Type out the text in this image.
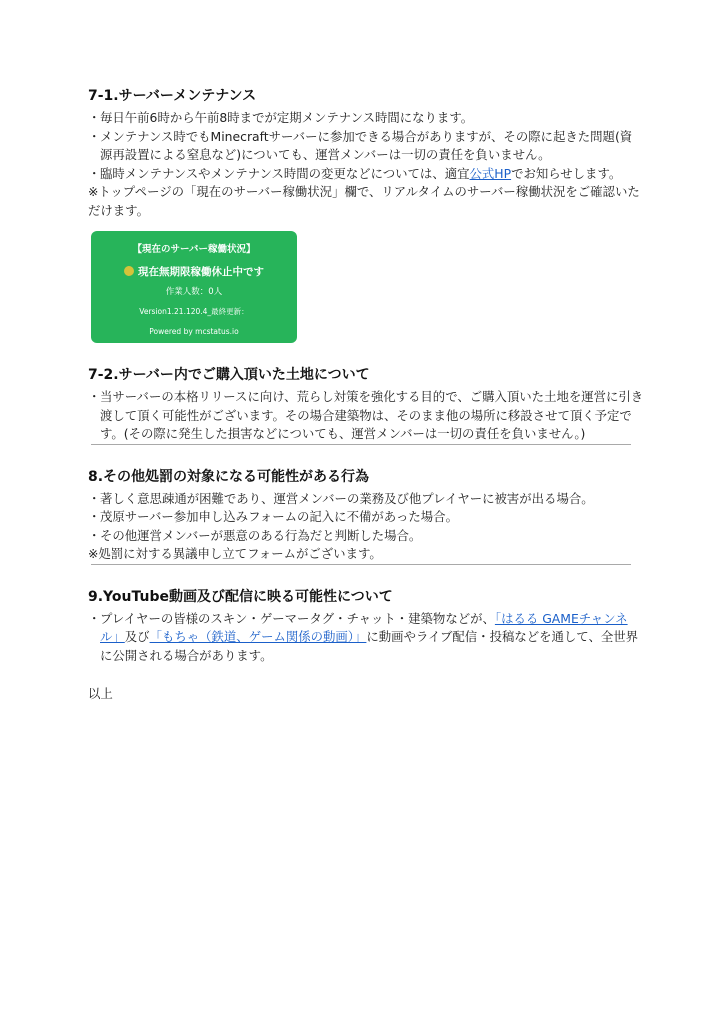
7-1.サーバーメンテナンス

・毎日午前6時から午前8時までが定期メンテナンス時間になります。

・メンテナンス時でもMinecraftサーバーに参加できる場合がありますが、その際に起きた問題(資源再設置による窒息など)についても、運営メンバーは一切の責任を負いません。

・臨時メンテナンスやメンテナンス時間の変更などについては、適宜公式HPでお知らせします。

※トップページの「現在のサーバー稼働状況」欄で、リアルタイムのサーバー稼働状況をご確認いただけます。

【現在のサーバー稼働状況】
現在無期限稼働休止中です
作業人数：0人
Version1.21.120.4_最終更新：
Powered by mcstatus.io
7-2.サーバー内でご購入頂いた土地について

・当サーバーの本格リリースに向け、荒らし対策を強化する目的で、ご購入頂いた土地を運営に引き渡して頂く可能性がございます。その場合建築物は、そのまま他の場所に移設させて頂く予定です。(その際に発生した損害などについても、運営メンバーは一切の責任を負いません。)

8.その他処罰の対象になる可能性がある行為

・著しく意思疎通が困難であり、運営メンバーの業務及び他プレイヤーに被害が出る場合。

・茂原サーバー参加申し込みフォームの記入に不備があった場合。

・その他運営メンバーが悪意のある行為だと判断した場合。

※処罰に対する異議申し立てフォームがございます。

9.YouTube動画及び配信に映る可能性について

・プレイヤーの皆様のスキン・ゲーマータグ・チャット・建築物などが、「はるる GAMEチャンネル」及び「もちゃ（鉄道、ゲーム関係の動画）」に動画やライブ配信・投稿などを通して、全世界に公開される場合があります。

以上
